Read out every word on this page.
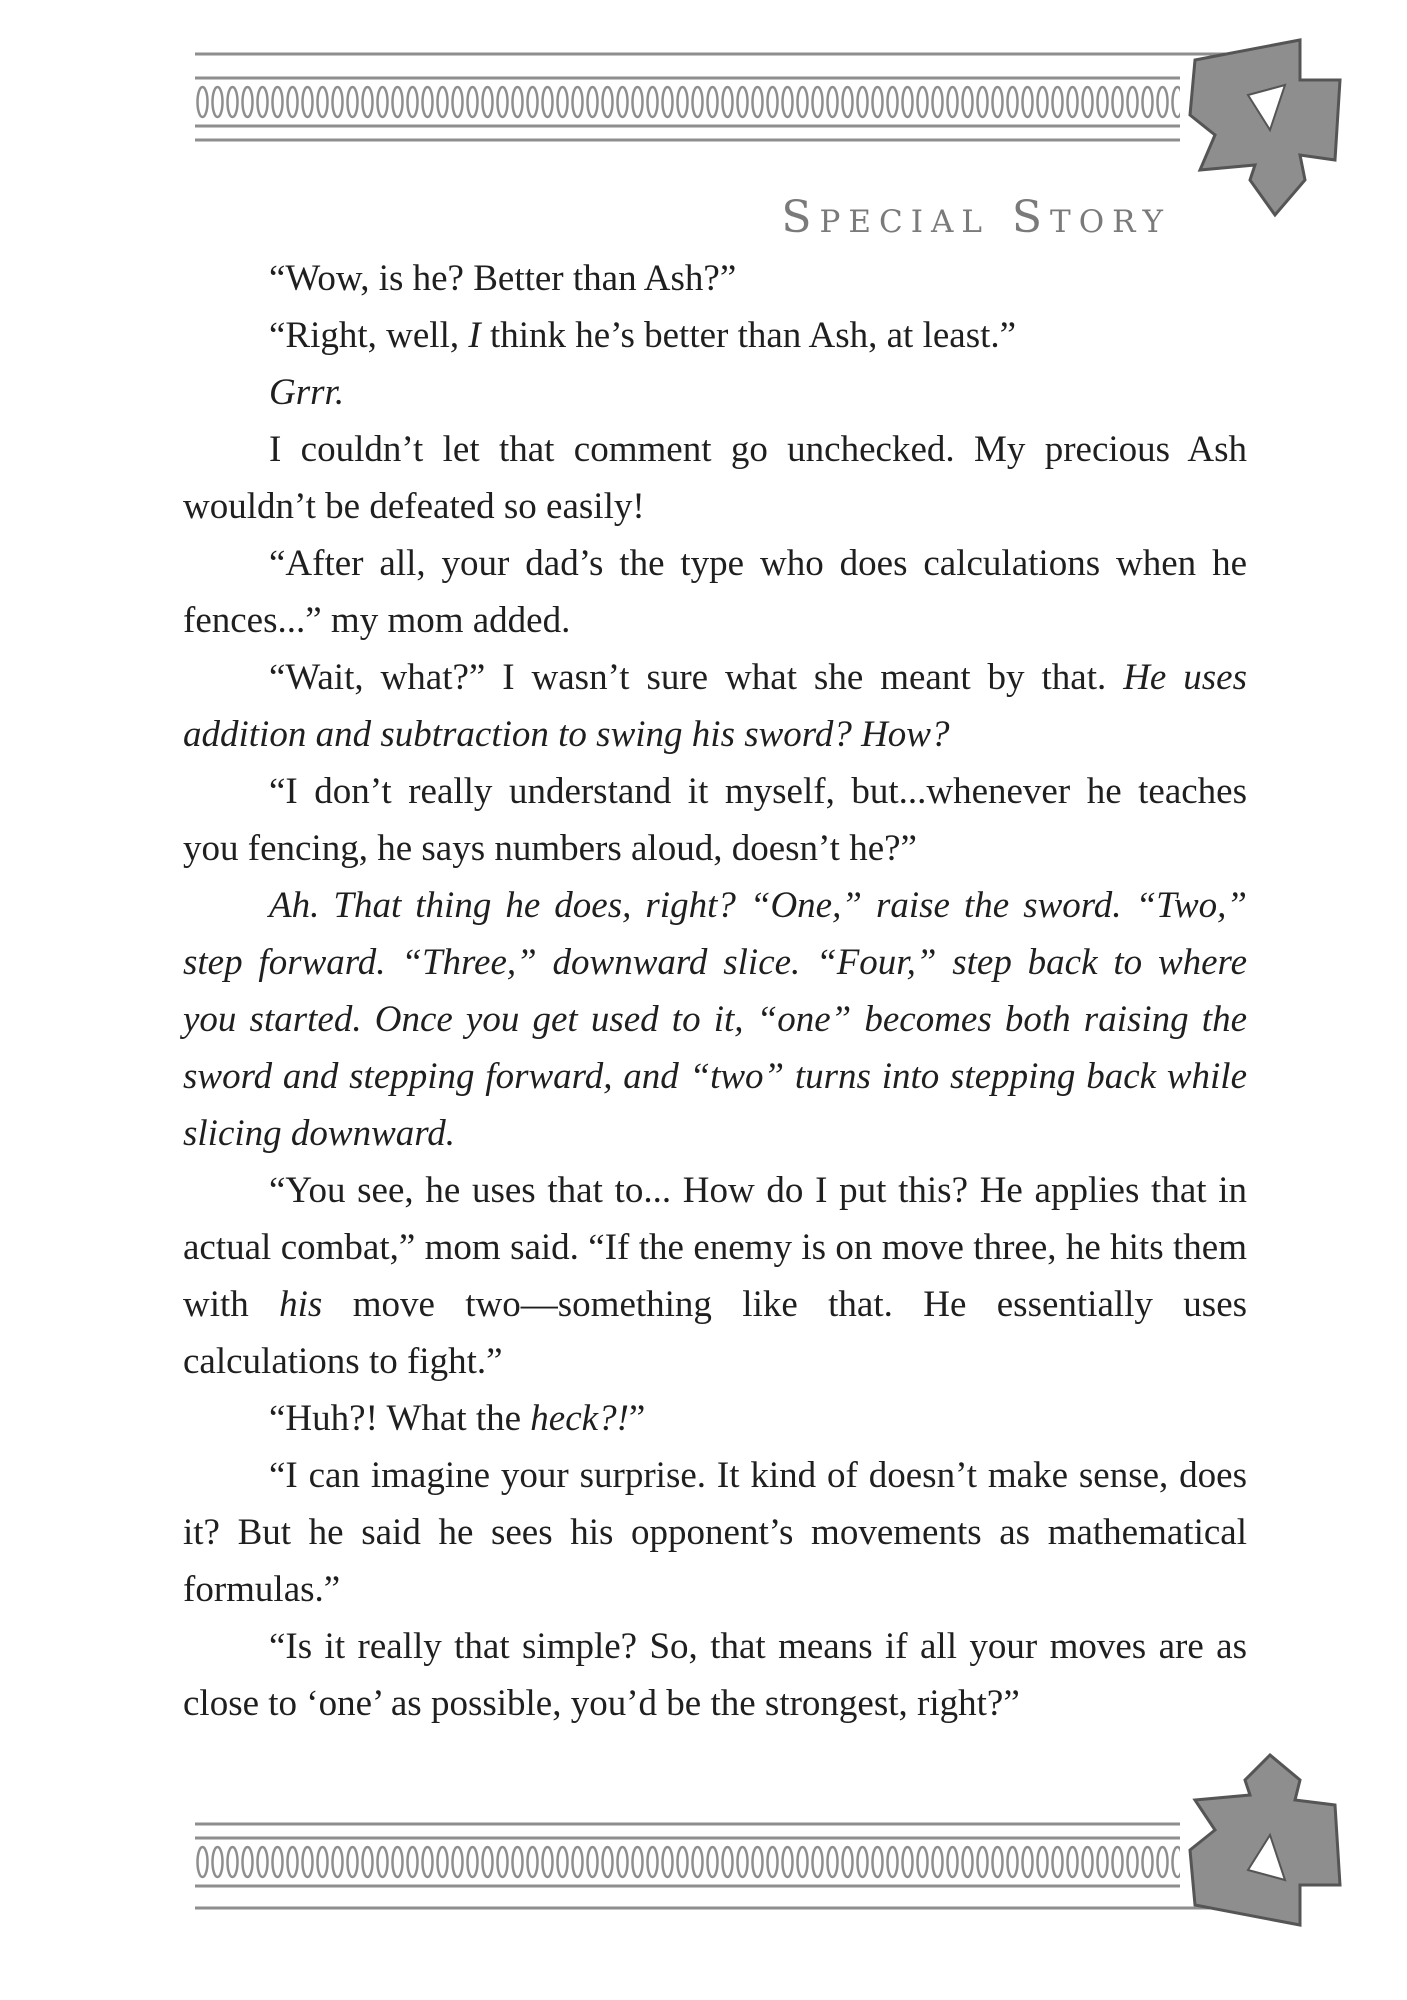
Special Story

“Wow, is he? Better than Ash?”

“Right, well, I think he’s better than Ash, at least.”

Grrr.

I couldn’t let that comment go unchecked. My precious Ash wouldn’t be defeated so easily!

“After all, your dad’s the type who does calculations when he fences...” my mom added.

“Wait, what?” I wasn’t sure what she meant by that. He uses addition and subtraction to swing his sword? How?

“I don’t really understand it myself, but...whenever he teaches you fencing, he says numbers aloud, doesn’t he?”

Ah. That thing he does, right? “One,” raise the sword. “Two,” step forward. “Three,” downward slice. “Four,” step back to where you started. Once you get used to it, “one” becomes both raising the sword and stepping forward, and “two” turns into stepping back while slicing downward.

“You see, he uses that to... How do I put this? He applies that in actual combat,” mom said. “If the enemy is on move three, he hits them with his move two—something like that. He essentially uses calculations to fight.”

“Huh?! What the heck?!”

“I can imagine your surprise. It kind of doesn’t make sense, does it? But he said he sees his opponent’s movements as mathematical formulas.”

“Is it really that simple? So, that means if all your moves are as close to ‘one’ as possible, you’d be the strongest, right?”
